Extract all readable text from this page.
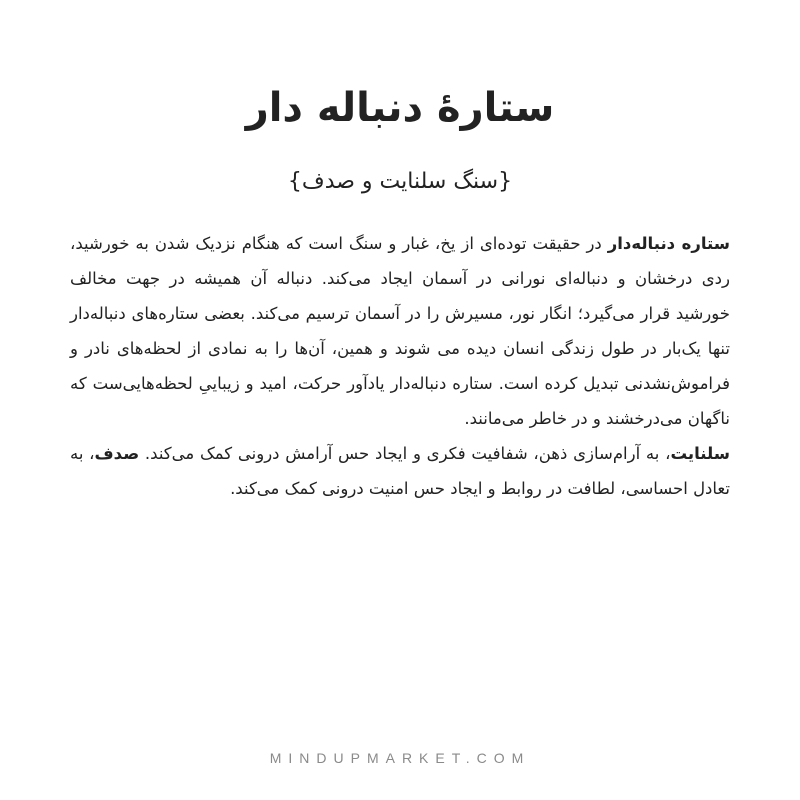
ستارهٔ دنباله دار
{سنگ سلنایت و صدف}

ستاره دنباله‌دار در حقیقت توده‌ای از یخ، غبار و سنگ است که هنگام نزدیک شدن به خورشید، ردی درخشان و دنباله‌ای نورانی در آسمان ایجاد می‌کند. دنباله آن همیشه در جهت مخالف خورشید قرار می‌گیرد؛ انگار نور، مسیرش را در آسمان ترسیم می‌کند. بعضی ستاره‌های دنباله‌دار تنها یک‌بار در طول زندگی انسان دیده می شوند و همین، آن‌ها را به نمادی از لحظه‌های نادر و فراموش‌نشدنی تبدیل کرده است. ستاره دنباله‌دار یادآور حرکت، امید و زیباییِ لحظه‌هایی‌ست که ناگهان می‌درخشند و در خاطر می‌مانند.

سلنایت، به آرام‌سازی ذهن، شفافیت فکری و ایجاد حس آرامش درونی کمک می‌کند. صدف، به تعادل احساسی، لطافت در روابط و ایجاد حس امنیت درونی کمک می‌کند.

MINDUPMARKET.COM
